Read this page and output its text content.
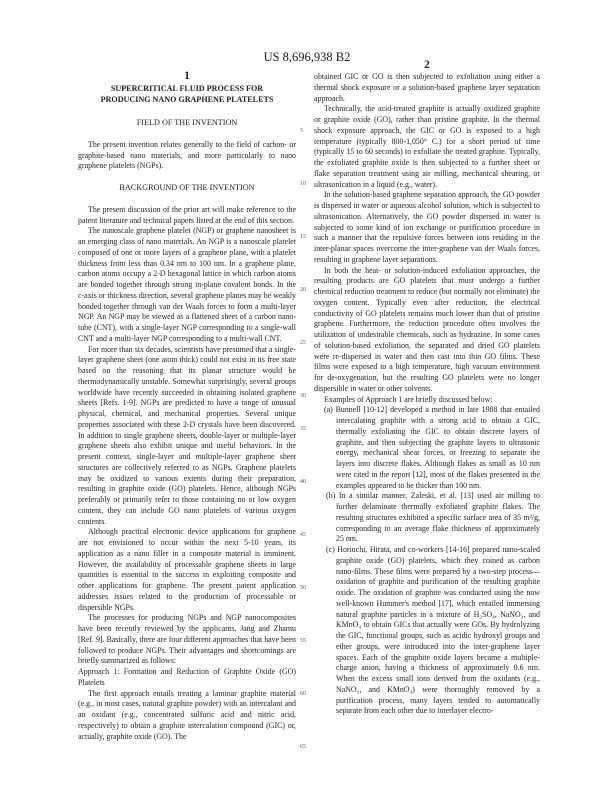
US 8,696,938 B2
1
SUPERCRITICAL FLUID PROCESS FOR
PRODUCING NANO GRAPHENE PLATELETS
FIELD OF THE INVENTION

The present invention relates generally to the field of carbon- or graphite-based nano materials, and more particularly to nano graphene platelets (NGPs).

BACKGROUND OF THE INVENTION

The present discussion of the prior art will make reference to the patent literature and technical papers listed at the end of this section.

The nanoscale graphene platelet (NGP) or graphene nanosheet is an emerging class of nano materials. An NGP is a nanoscale platelet composed of one or more layers of a graphene plane, with a platelet thickness from less than 0.34 nm to 100 nm. In a graphene plane, carbon atoms occupy a 2-D hexagonal lattice in which carbon atoms are bonded together through strong in-plane covalent bonds. In the c-axis or thickness direction, several graphene planes may be weakly bonded together through van der Waals forces to form a multi-layer NGP. An NGP may be viewed as a flattened sheet of a carbon nano-tube (CNT), with a single-layer NGP corresponding to a single-wall CNT and a multi-layer NGP corresponding to a multi-wall CNT.

For more than six decades, scientists have presumed that a single-layer graphene sheet (one atom thick) could not exist in its free state based on the reasoning that its planar structure would be thermodynamically unstable. Somewhat surprisingly, several groups worldwide have recently succeeded in obtaining isolated graphene sheets [Refs. 1-9]. NGPs are predicted to have a range of unusual physical, chemical, and mechanical properties. Several unique properties associated with these 2-D crystals have been discovered. In addition to single graphene sheets, double-layer or multiple-layer graphene sheets also exhibit unique and useful behaviors. In the present context, single-layer and multiple-layer graphene sheet structures are collectively referred to as NGPs. Graphene platelets may be oxidized to various extents during their preparation, resulting in graphite oxide (GO) platelets. Hence, although NGPs preferably or primarily refer to those containing no or low oxygen content, they can include GO nano platelets of various oxygen contents.

Although practical electronic device applications for graphene are not envisioned to occur within the next 5-10 years, its application as a nano filler in a composite material is imminent. However, the availability of processable graphene sheets in large quantities is essential to the success in exploiting composite and other applications for graphene. The present patent application addresses issues related to the production of processable or dispersible NGPs.

The processes for producing NGPs and NGP nanocomposites have been recently reviewed by the applicants, Jang and Zhamu [Ref. 9]. Basically, there are four different approaches that have been followed to produce NGPs. Their advantages and shortcomings are briefly summarized as follows:

Approach 1: Formation and Reduction of Graphite Oxide (GO) Platelets

The first approach entails treating a laminar graphite material (e.g., in most cases, natural graphite powder) with an intercalant and an oxidant (e.g., concentrated sulfuric acid and nitric acid, respectively) to obtain a graphite intercalation compound (GIC) or, actually, graphite oxide (GO). The

5
10
15
20
25
30
35
40
45
50
55
60
65
2

obtained GIC or GO is then subjected to exfoliation using either a thermal shock exposure or a solution-based graphene layer separation approach.

Technically, the acid-treated graphite is actually oxidized graphite or graphite oxide (GO), rather than pristine graphite. In the thermal shock exposure approach, the GIC or GO is exposed to a high temperature (typically 800-1,050° C.) for a short period of time (typically 15 to 60 seconds) to exfoliate the treated graphite. Typically, the exfoliated graphite oxide is then subjected to a further sheet or flake separation treatment using air milling, mechanical shearing, or ultrasonication in a liquid (e.g., water).

In the solution-based graphene separation approach, the GO powder is dispersed in water or aqueous alcohol solution, which is subjected to ultrasonication. Alternatively, the GO powder dispersed in water is subjected to some kind of ion exchange or purification procedure in such a manner that the repulsive forces between ions residing in the inter-planar spaces overcome the inter-graphene van der Waals forces, resulting in graphene layer separations.

In both the heat- or solution-induced exfoliation approaches, the resulting products are GO platelets that must undergo a further chemical reduction treatment to reduce (but normally not eliminate) the oxygen content. Typically even after reduction, the electrical conductivity of GO platelets remains much lower than that of pristine graphene. Furthermore, the reduction procedure often involves the utilization of undesirable chemicals, such as hydrazine. In some cases of solution-based exfoliation, the separated and dried GO platelets were re-dispersed in water and then cast into thin GO films. These films were exposed to a high temperature, high vacuum environment for de-oxygenation, but the resulting GO platelets were no longer dispersible in water or other solvents.

Examples of Approach 1 are briefly discussed below:

(a) Bunnell [10-12] developed a method in late 1988 that entailed intercalating graphite with a strong acid to obtain a GIC, thermally exfoliating the GIC to obtain discrete layers of graphite, and then subjecting the graphite layers to ultrasonic energy, mechanical shear forces, or freezing to separate the layers into discrete flakes. Although flakes as small as 10 nm were cited in the report [12], most of the flakes presented in the examples appeared to be thicker than 100 nm.

(b) In a similar manner, Zaleski, et al. [13] used air milling to further delaminate thermally exfoliated graphite flakes. The resulting structures exhibited a specific surface area of 35 m²/g, corresponding to an average flake thickness of approximately 25 nm.

(c) Horiuchi, Hirata, and co-workers [14-16] prepared nano-scaled graphite oxide (GO) platelets, which they coined as carbon nano-films. These films were prepared by a two-step process—oxidation of graphite and purification of the resulting graphite oxide. The oxidation of graphite was conducted using the now well-known Hummer's method [17], which entailed immersing natural graphite particles in a mixture of H₂SO₄, NaNO₃, and KMnO₄ to obtain GICs that actually were GOs. By hydrolyzing the GIC, functional groups, such as acidic hydroxyl groups and ether groups, were introduced into the inter-graphene layer spaces. Each of the graphite oxide layers became a multiple-charge anion, having a thickness of approximately 0.6 nm. When the excess small ions derived from the oxidants (e.g., NaNO₃, and KMnO₄) were thoroughly removed by a purification process, many layers tended to automatically separate from each other due to interlayer electro-
